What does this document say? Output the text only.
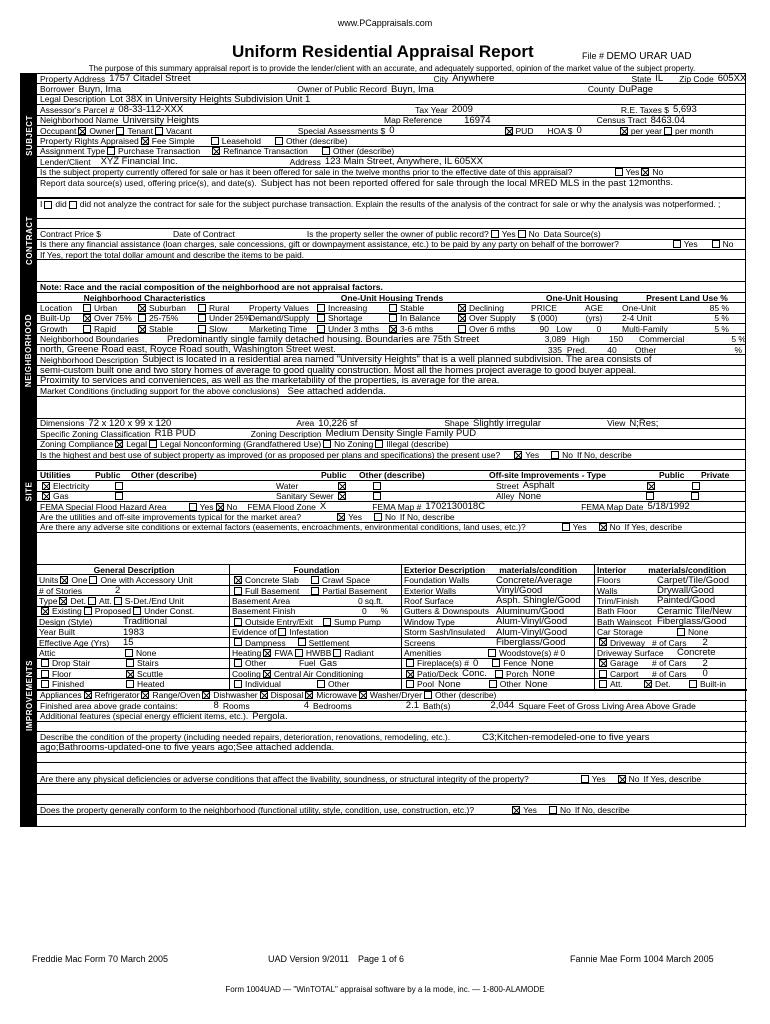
www.PCappraisals.com
Uniform Residential Appraisal Report	File # DEMO URAR UAD
The purpose of this summary appraisal report is to provide the lender/client with an accurate, and adequately supported, opinion of the market value of the subject property.
SUBJECT
Property Address 1757 Citadel Street	City Anywhere	State IL Zip Code 605XX
Borrower Buyn, Ima	Owner of Public Record Buyn, Ima	County DuPage
Legal Description Lot 38X in University Heights Subdivision Unit 1
Assessor's Parcel # 08-33-112-XXX	Tax Year 2009	R.E. Taxes $ 5,693
Neighborhood Name University Heights	Map Reference 16974	Census Tract 8463.04
Occupant Owner Tenant Vacant	Special Assessments $ 0	PUD HOA $ 0	per year per month
Property Rights Appraised Fee Simple	Leasehold	Other (describe)
Assignment Type Purchase Transaction	Refinance Transaction	Other (describe)
Lender/Client XYZ Financial Inc.	Address 123 Main Street, Anywhere, IL 605XX
Is the subject property currently offered for sale or has it been offered for sale in the twelve months prior to the effective date of this appraisal?	Yes No
Report data source(s) used, offering price(s), and date(s). Subject has not been reported offered for sale through the local MRED MLS in the past 12 months.
CONTRACT
I did did not analyze the contract for sale for the subject purchase transaction. Explain the results of the analysis of the contract for sale or why the analysis was not performed. ;
Contract Price $	Date of Contract	Is the property seller the owner of public record? Yes No Data Source(s)
Is there any financial assistance (loan charges, sale concessions, gift or downpayment assistance, etc.) to be paid by any party on behalf of the borrower?	Yes	No
If Yes, report the total dollar amount and describe the items to be paid.
NEIGHBORHOOD
Note: Race and the racial composition of the neighborhood are not appraisal factors.
Neighborhood Characteristics	One-Unit Housing Trends	One-Unit Housing	Present Land Use %
Location	Urban	Suburban	Rural	Property Values	Increasing	Stable	Declining	PRICE	AGE	One-Unit	85 %
Built-Up	Over 75%	25-75%	Under 25%
Demand/Supply	Shortage	In Balance	Over Supply	$ (000)	(yrs)	2-4 Unit	5 %
Growth	Rapid	Stable	Slow	Marketing Time	Under 3 mths	3-6 mths	Over 6 mths	90 Low	0	Multi-Family	5 %
Neighborhood Boundaries	Predominantly single family detached housing. Boundaries are 75th Street	3,089 High	150	Commercial	5 %
north, Greene Road east, Royce Road south, Washington Street west.	335 Pred.	40	Other	%
Neighborhood Description Subject is located in a residential area named "University Heights" that is a well planned subdivision. The area consists of
semi-custom built one and two story homes of average to good quality construction. Most all the homes project average to good buyer appeal.
Proximity to services and conveniences, as well as the marketability of the properties, is average for the area.
Market Conditions (including support for the above conclusions) See attached addenda.
SITE
Dimensions 72 x 120 x 99 x 120	Area 10,226 sf	Shape Slightly irregular	View N;Res;
Specific Zoning Classification R1B PUD	Zoning Description Medium Density Single Family PUD
Zoning Compliance Legal Legal Nonconforming (Grandfathered Use) No Zoning Illegal (describe)
Is the highest and best use of subject property as improved (or as proposed per plans and specifications) the present use?	Yes	No If No, describe
Utilities	Public	Other (describe)	Public	Other (describe)	Off-site Improvements - Type	Public	Private
Electricity	Water	Street Asphalt
Gas	Sanitary Sewer	Alley None
FEMA Special Flood Hazard Area	Yes No FEMA Flood Zone X	FEMA Map # 1702130018C	FEMA Map Date 5/18/1992
Are the utilities and off-site improvements typical for the market area?	Yes	No If No, describe
Are there any adverse site conditions or external factors (easements, encroachments, environmental conditions, land uses, etc.)?	Yes	No If Yes, describe
IMPROVEMENTS
General Description	Foundation	Exterior Description materials/condition Interior	materials/condition
Units One One with Accessory Unit	Concrete Slab	Crawl Space	Foundation Walls	Concrete/Average	Floors	Carpet/Tile/Good
# of Stories	2	Full Basement	Partial Basement Exterior Walls	Vinyl/Good	Walls	Drywall/Good
Type Det. Att. S-Det./End Unit	Basement Area	0 sq.ft. Roof Surface	Asph. Shingle/Good Trim/Finish	Painted/Good
Existing Proposed Under Const.	Basement Finish	0 % Gutters & Downspouts Aluminum/Good	Bath Floor	Ceramic Tile/New
Design (Style)	Traditional	Outside Entry/Exit Sump Pump	Window Type	Alum-Vinyl/Good	Bath Wainscot Fiberglass/Good
Year Built	1983	Evidence of Infestation	Storm Sash/Insulated	Alum-Vinyl/Good	Car Storage	None
Effective Age (Yrs)	15	Dampness	Settlement	Screens	Fiberglass/Good	Driveway # of Cars 2
Attic	None	Heating FWA HWBB Radiant	Amenities	Woodstove(s) # 0	Driveway Surface	Concrete
Drop Stair	Stairs	Other	Fuel Gas	Fireplace(s) # 0	Fence None	Garage	# of Cars 2
Floor	Scuttle	Cooling Central Air Conditioning	Patio/Deck Conc. Porch None	Carport	# of Cars 0
Finished	Heated	Individual	Other	Pool None	Other None	Att.	Det.	Built-in
Appliances Refrigerator Range/Oven Dishwasher Disposal Microwave Washer/Dryer Other (describe)
Finished area above grade contains:	8 Rooms	4 Bedrooms	2.1 Bath(s)	2,044 Square Feet of Gross Living Area Above Grade
Additional features (special energy efficient items, etc.). Pergola.
Describe the condition of the property (including needed repairs, deterioration, renovations, remodeling, etc.).	C3;Kitchen-remodeled-one to five years
ago;Bathrooms-updated-one to five years ago;See attached addenda.
Are there any physical deficiencies or adverse conditions that affect the livability, soundness, or structural integrity of the property?	Yes	No If Yes, describe
Does the property generally conform to the neighborhood (functional utility, style, condition, use, construction, etc.)?	Yes	No If No, describe
Freddie Mac Form 70 March 2005	UAD Version 9/2011 Page 1 of 6	Fannie Mae Form 1004 March 2005
Form 1004UAD — "WinTOTAL" appraisal software by a la mode, inc. — 1-800-ALAMODE
